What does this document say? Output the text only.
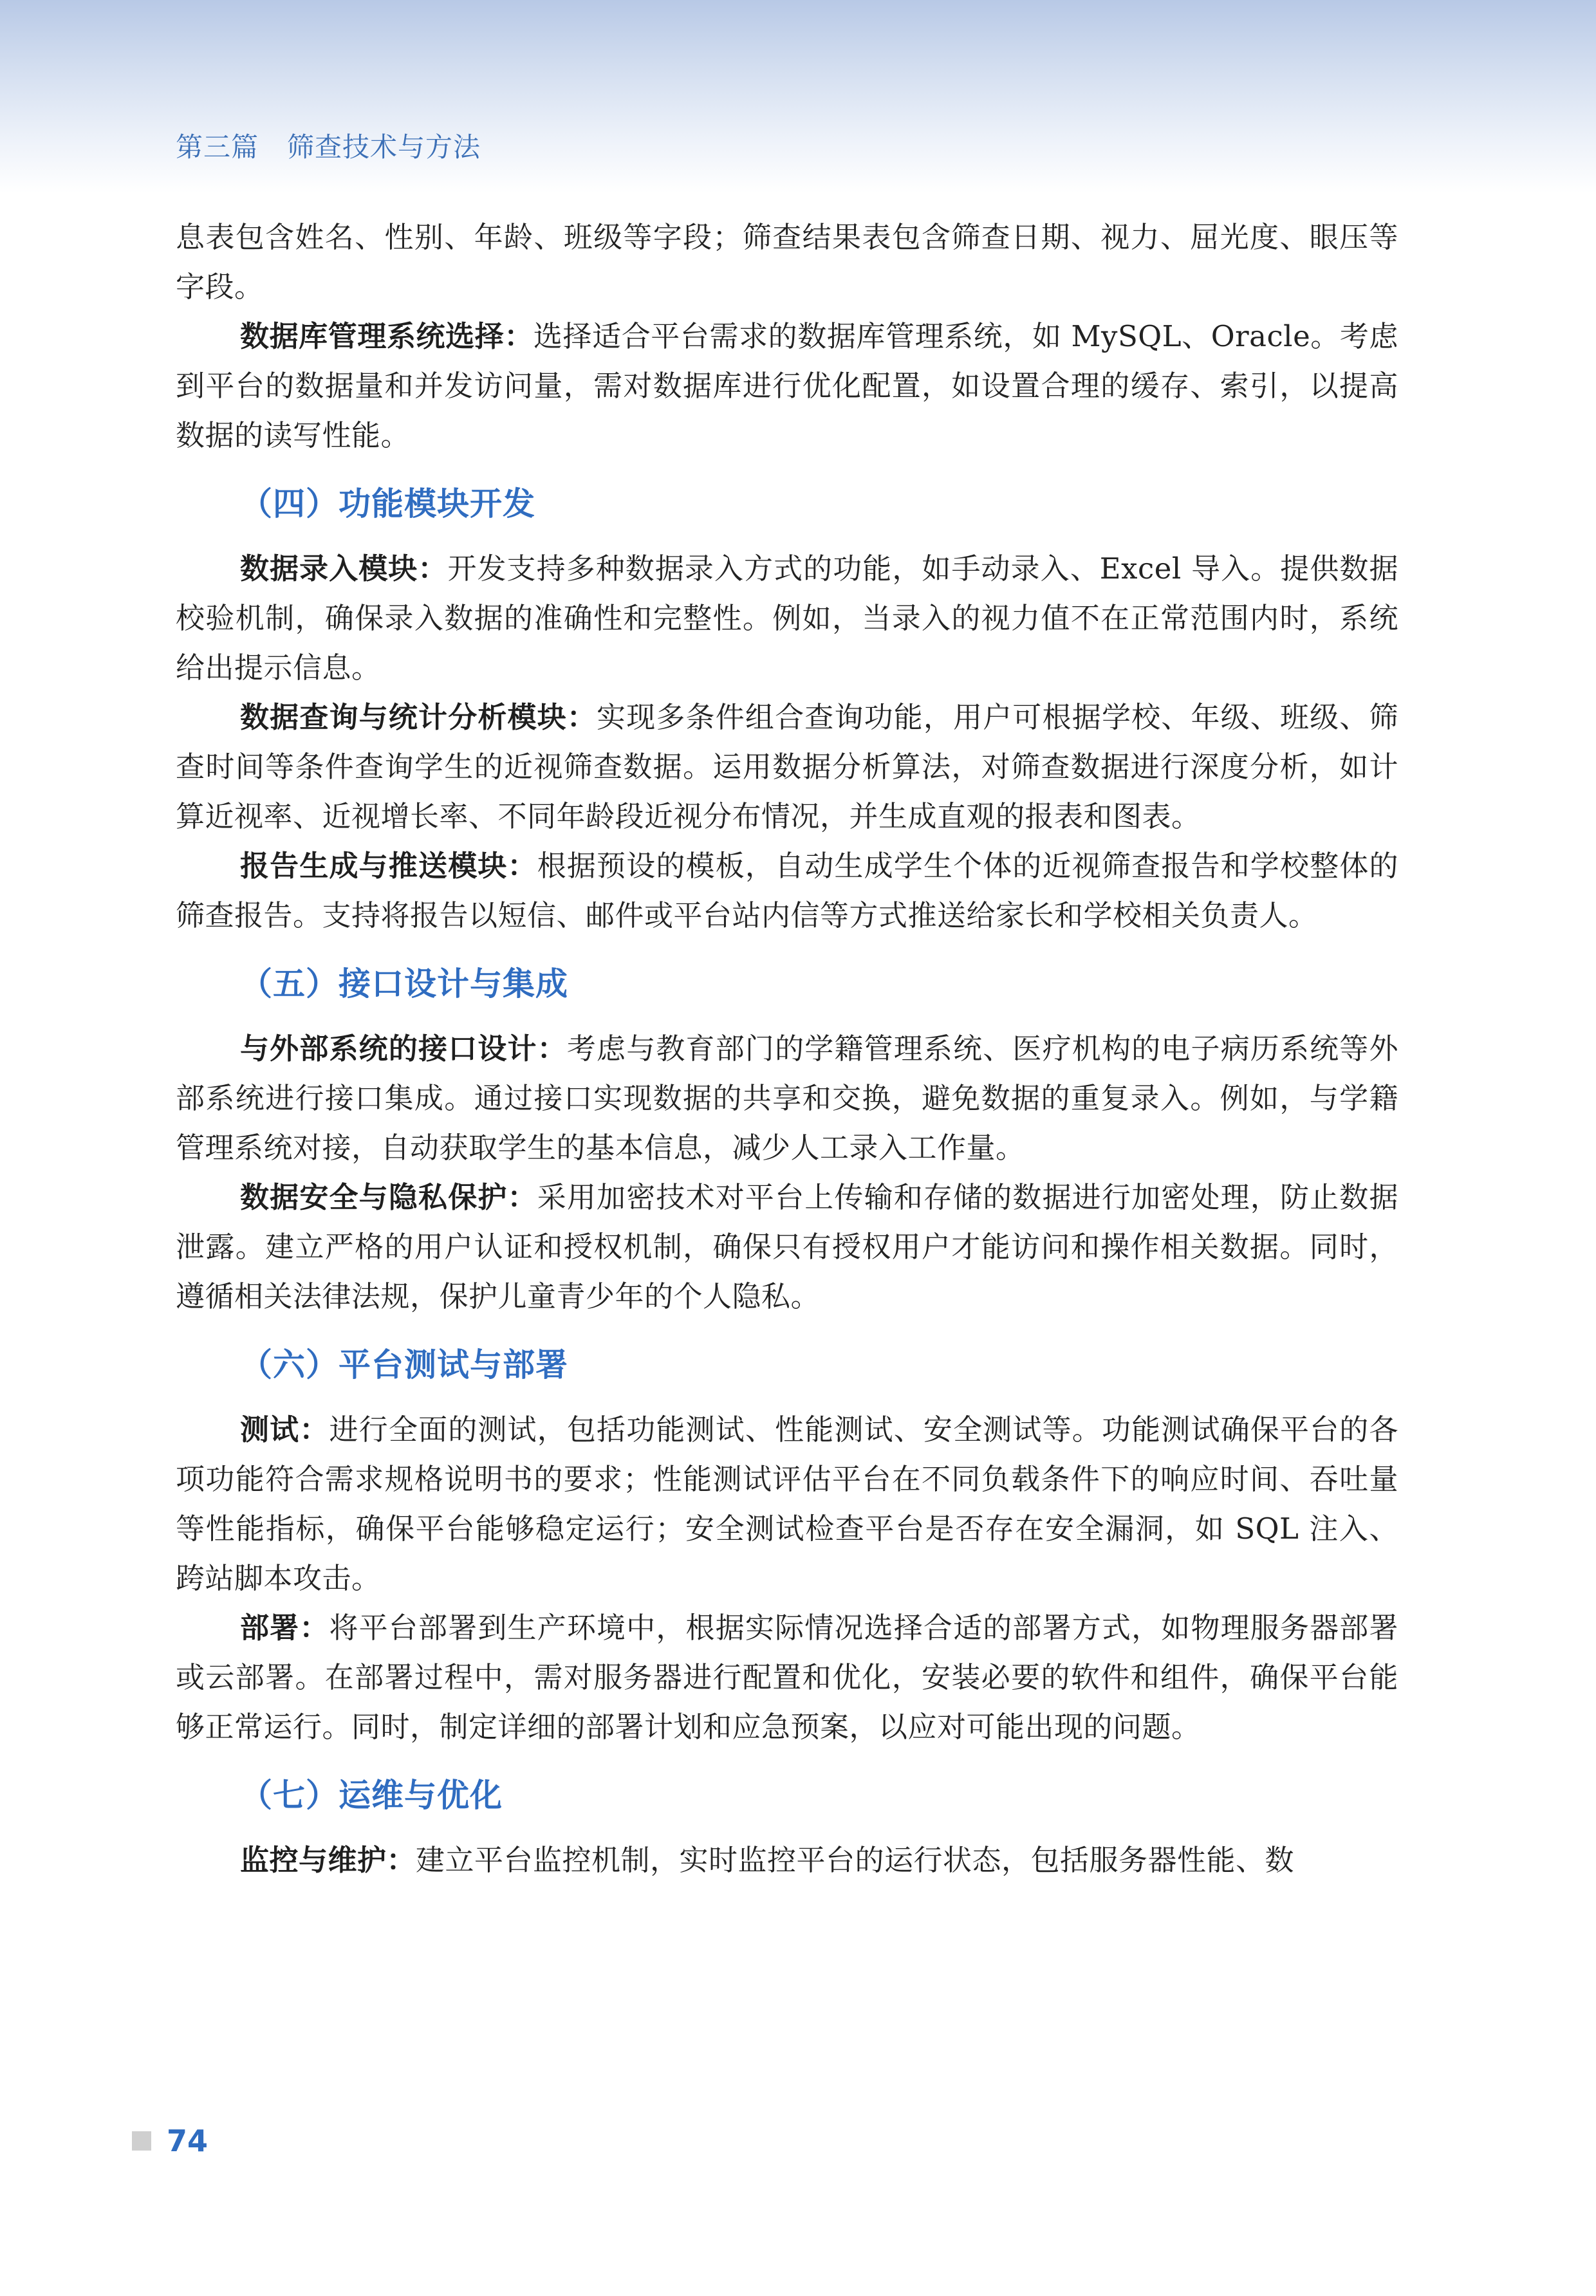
第三篇 筛查技术与方法

息表包含姓名、性别、年龄、班级等字段；筛查结果表包含筛查日期、视力、屈光度、眼压等字段。

数据库管理系统选择：选择适合平台需求的数据库管理系统，如 MySQL、Oracle。考虑到平台的数据量和并发访问量，需对数据库进行优化配置，如设置合理的缓存、索引，以提高数据的读写性能。

（四）功能模块开发

数据录入模块：开发支持多种数据录入方式的功能，如手动录入、Excel 导入。提供数据校验机制，确保录入数据的准确性和完整性。例如，当录入的视力值不在正常范围内时，系统给出提示信息。

数据查询与统计分析模块：实现多条件组合查询功能，用户可根据学校、年级、班级、筛查时间等条件查询学生的近视筛查数据。运用数据分析算法，对筛查数据进行深度分析，如计算近视率、近视增长率、不同年龄段近视分布情况，并生成直观的报表和图表。

报告生成与推送模块：根据预设的模板，自动生成学生个体的近视筛查报告和学校整体的筛查报告。支持将报告以短信、邮件或平台站内信等方式推送给家长和学校相关负责人。

（五）接口设计与集成

与外部系统的接口设计：考虑与教育部门的学籍管理系统、医疗机构的电子病历系统等外部系统进行接口集成。通过接口实现数据的共享和交换，避免数据的重复录入。例如，与学籍管理系统对接，自动获取学生的基本信息，减少人工录入工作量。

数据安全与隐私保护：采用加密技术对平台上传输和存储的数据进行加密处理，防止数据泄露。建立严格的用户认证和授权机制，确保只有授权用户才能访问和操作相关数据。同时，遵循相关法律法规，保护儿童青少年的个人隐私。

（六）平台测试与部署

测试：进行全面的测试，包括功能测试、性能测试、安全测试等。功能测试确保平台的各项功能符合需求规格说明书的要求；性能测试评估平台在不同负载条件下的响应时间、吞吐量等性能指标，确保平台能够稳定运行；安全测试检查平台是否存在安全漏洞，如 SQL 注入、跨站脚本攻击。

部署：将平台部署到生产环境中，根据实际情况选择合适的部署方式，如物理服务器部署或云部署。在部署过程中，需对服务器进行配置和优化，安装必要的软件和组件，确保平台能够正常运行。同时，制定详细的部署计划和应急预案，以应对可能出现的问题。

（七）运维与优化

监控与维护：建立平台监控机制，实时监控平台的运行状态，包括服务器性能、数

74
